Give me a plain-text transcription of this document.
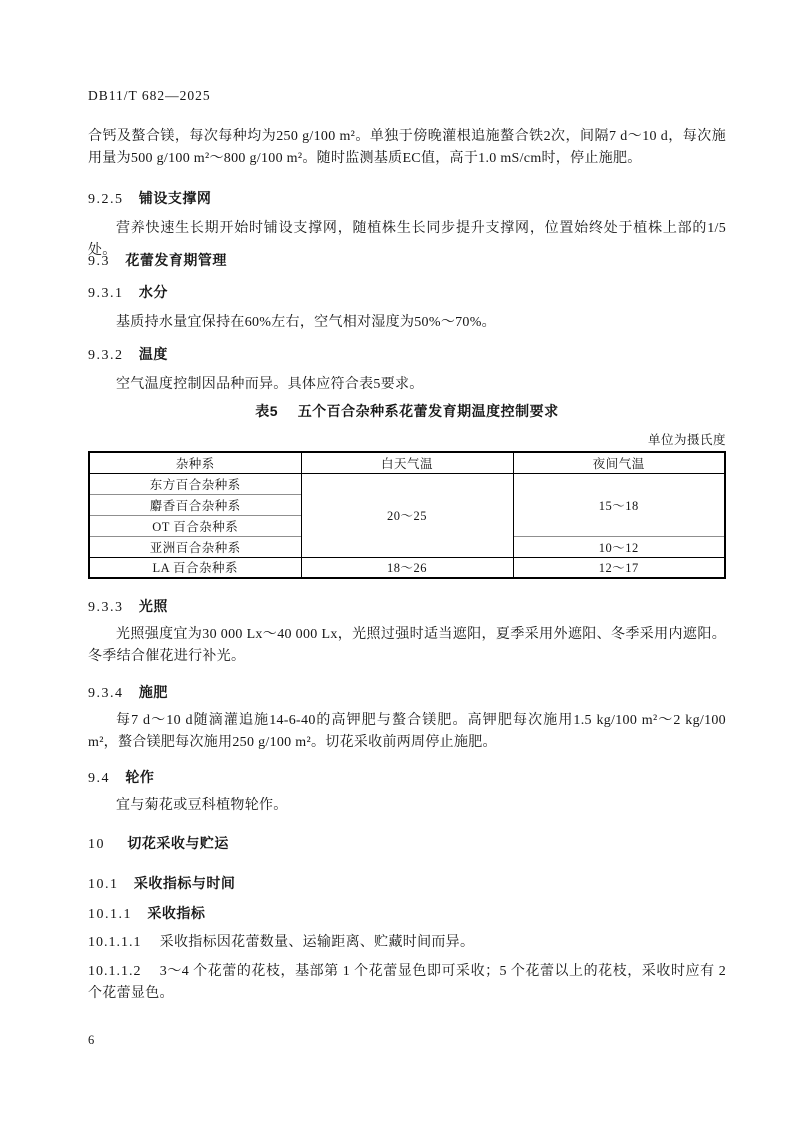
DB11/T 682—2025

合钙及螯合镁，每次每种均为250 g/100 m²。单独于傍晚灌根追施螯合铁2次，间隔7 d～10 d，每次施用量为500 g/100 m²～800 g/100 m²。随时监测基质EC值，高于1.0 mS/cm时，停止施肥。

9.2.5 铺设支撑网

营养快速生长期开始时铺设支撑网，随植株生长同步提升支撑网，位置始终处于植株上部的1/5处。

9.3 花蕾发育期管理
9.3.1 水分

基质持水量宜保持在60%左右，空气相对湿度为50%～70%。

9.3.2 温度

空气温度控制因品种而异。具体应符合表5要求。

表5 五个百合杂种系花蕾发育期温度控制要求
单位为摄氏度
杂种系	白天气温	夜间气温
东方百合杂种系	20～25	15～18
麝香百合杂种系		
OT 百合杂种系		
亚洲百合杂种系		10～12
LA 百合杂种系	18～26	12～17
9.3.3 光照

光照强度宜为30 000 Lx～40 000 Lx，光照过强时适当遮阳，夏季采用外遮阳、冬季采用内遮阳。冬季结合催花进行补光。

9.3.4 施肥

每7 d～10 d随滴灌追施14-6-40的高钾肥与螯合镁肥。高钾肥每次施用1.5 kg/100 m²～2 kg/100 m²，螯合镁肥每次施用250 g/100 m²。切花采收前两周停止施肥。

9.4 轮作

宜与菊花或豆科植物轮作。

10 切花采收与贮运
10.1 采收指标与时间
10.1.1 采收指标

10.1.1.1 采收指标因花蕾数量、运输距离、贮藏时间而异。

10.1.1.2 3～4 个花蕾的花枝，基部第 1 个花蕾显色即可采收；5 个花蕾以上的花枝，采收时应有 2 个花蕾显色。

6
